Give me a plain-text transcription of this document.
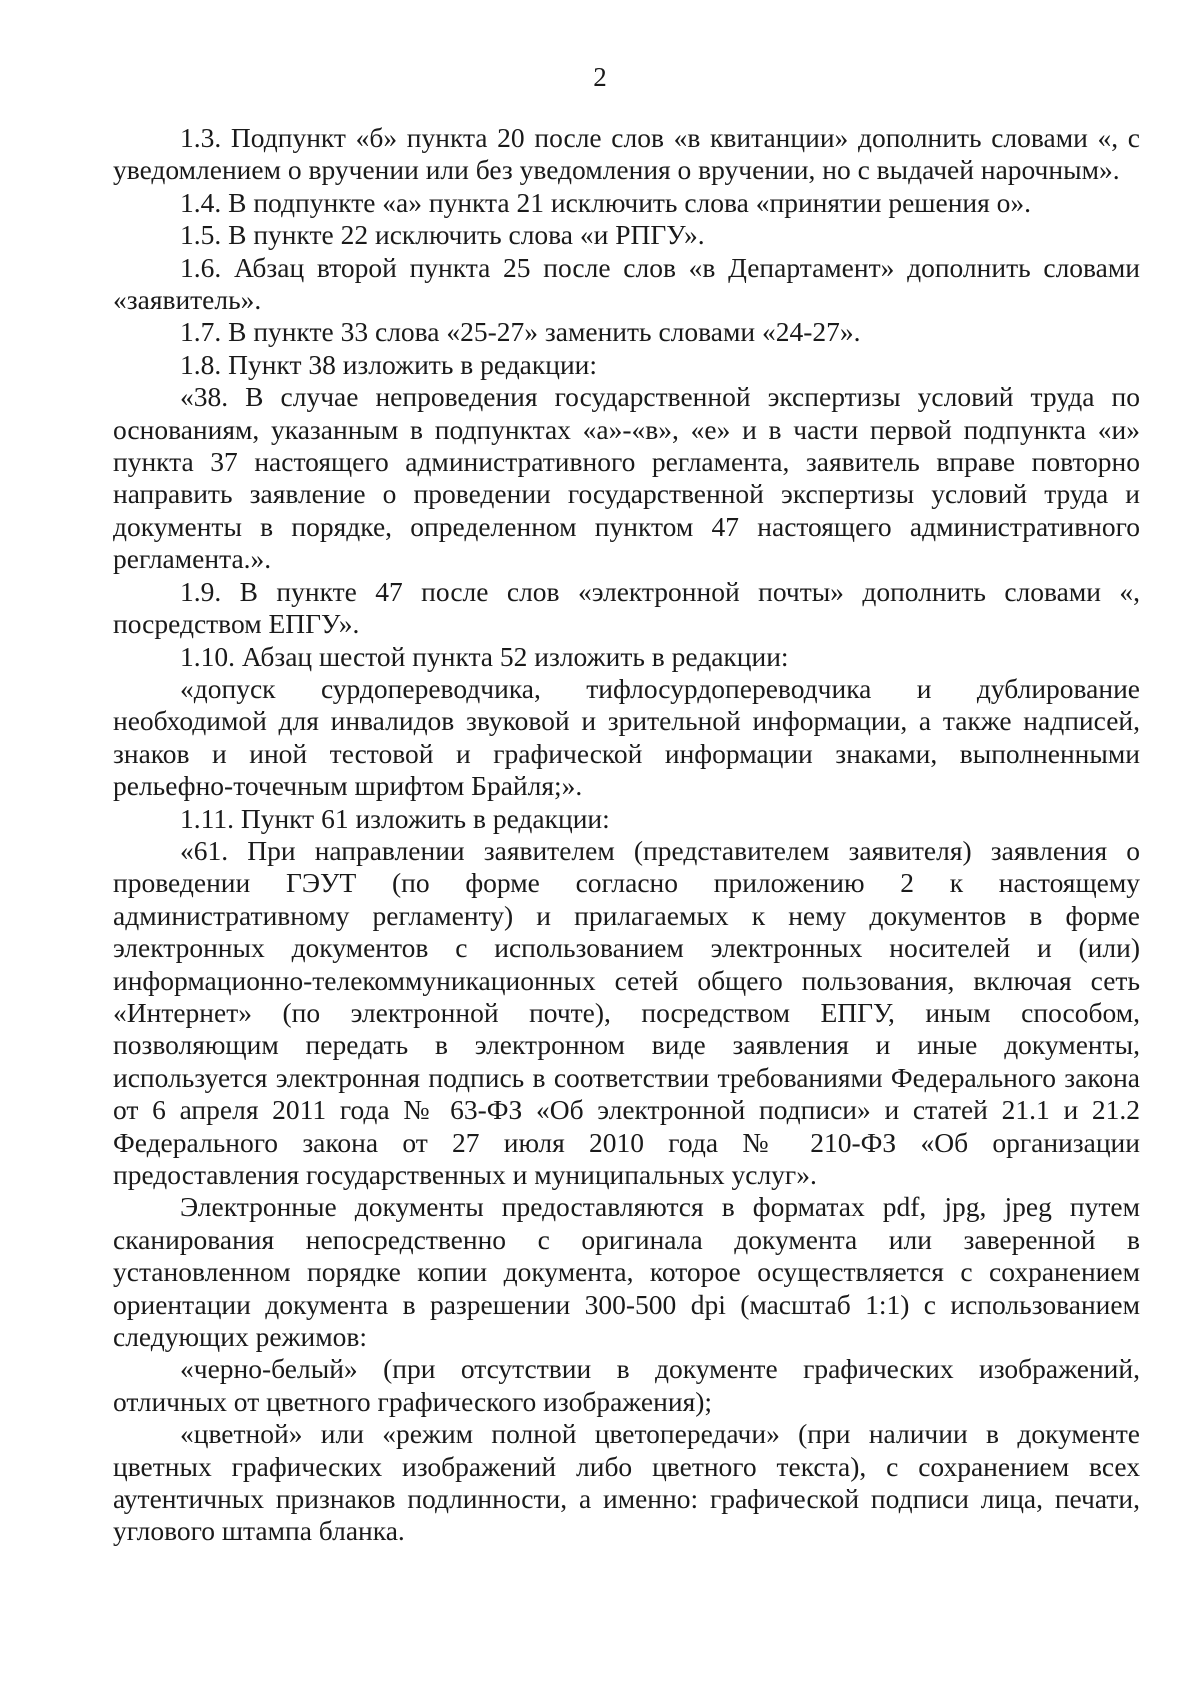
2

1.3. Подпункт «б» пункта 20 после слов «в квитанции» дополнить словами «, с уведомлением о вручении или без уведомления о вручении, но с выдачей нарочным».

1.4. В подпункте «а» пункта 21 исключить слова «принятии решения о».

1.5. В пункте 22 исключить слова «и РПГУ».

1.6. Абзац второй пункта 25 после слов «в Департамент» дополнить словами «заявитель».

1.7. В пункте 33 слова «25-27» заменить словами «24-27».

1.8. Пункт 38 изложить в редакции:

«38. В случае непроведения государственной экспертизы условий труда по основаниям, указанным в подпунктах «а»-«в», «е» и в части первой подпункта «и» пункта 37 настоящего административного регламента, заявитель вправе повторно направить заявление о проведении государственной экспертизы условий труда и документы в порядке, определенном пунктом 47 настоящего административного регламента.».

1.9. В пункте 47 после слов «электронной почты» дополнить словами «, посредством ЕПГУ».

1.10. Абзац шестой пункта 52 изложить в редакции:

«допуск сурдопереводчика, тифлосурдопереводчика и дублирование необходимой для инвалидов звуковой и зрительной информации, а также надписей, знаков и иной тестовой и графической информации знаками, выполненными рельефно-точечным шрифтом Брайля;».

1.11. Пункт 61 изложить в редакции:

«61. При направлении заявителем (представителем заявителя) заявления о проведении ГЭУТ (по форме согласно приложению 2 к настоящему административному регламенту) и прилагаемых к нему документов в форме электронных документов с использованием электронных носителей и (или) информационно-телекоммуникационных сетей общего пользования, включая сеть «Интернет» (по электронной почте), посредством ЕПГУ, иным способом, позволяющим передать в электронном виде заявления и иные документы, используется электронная подпись в соответствии требованиями Федерального закона от 6 апреля 2011 года № 63-ФЗ «Об электронной подписи» и статей 21.1 и 21.2 Федерального закона от 27 июля 2010 года № 210-ФЗ «Об организации предоставления государственных и муниципальных услуг».

Электронные документы предоставляются в форматах pdf, jpg, jpeg путем сканирования непосредственно с оригинала документа или заверенной в установленном порядке копии документа, которое осуществляется с сохранением ориентации документа в разрешении 300-500 dpi (масштаб 1:1) с использованием следующих режимов:

«черно-белый» (при отсутствии в документе графических изображений, отличных от цветного графического изображения);

«цветной» или «режим полной цветопередачи» (при наличии в документе цветных графических изображений либо цветного текста), с сохранением всех аутентичных признаков подлинности, а именно: графической подписи лица, печати, углового штампа бланка.
